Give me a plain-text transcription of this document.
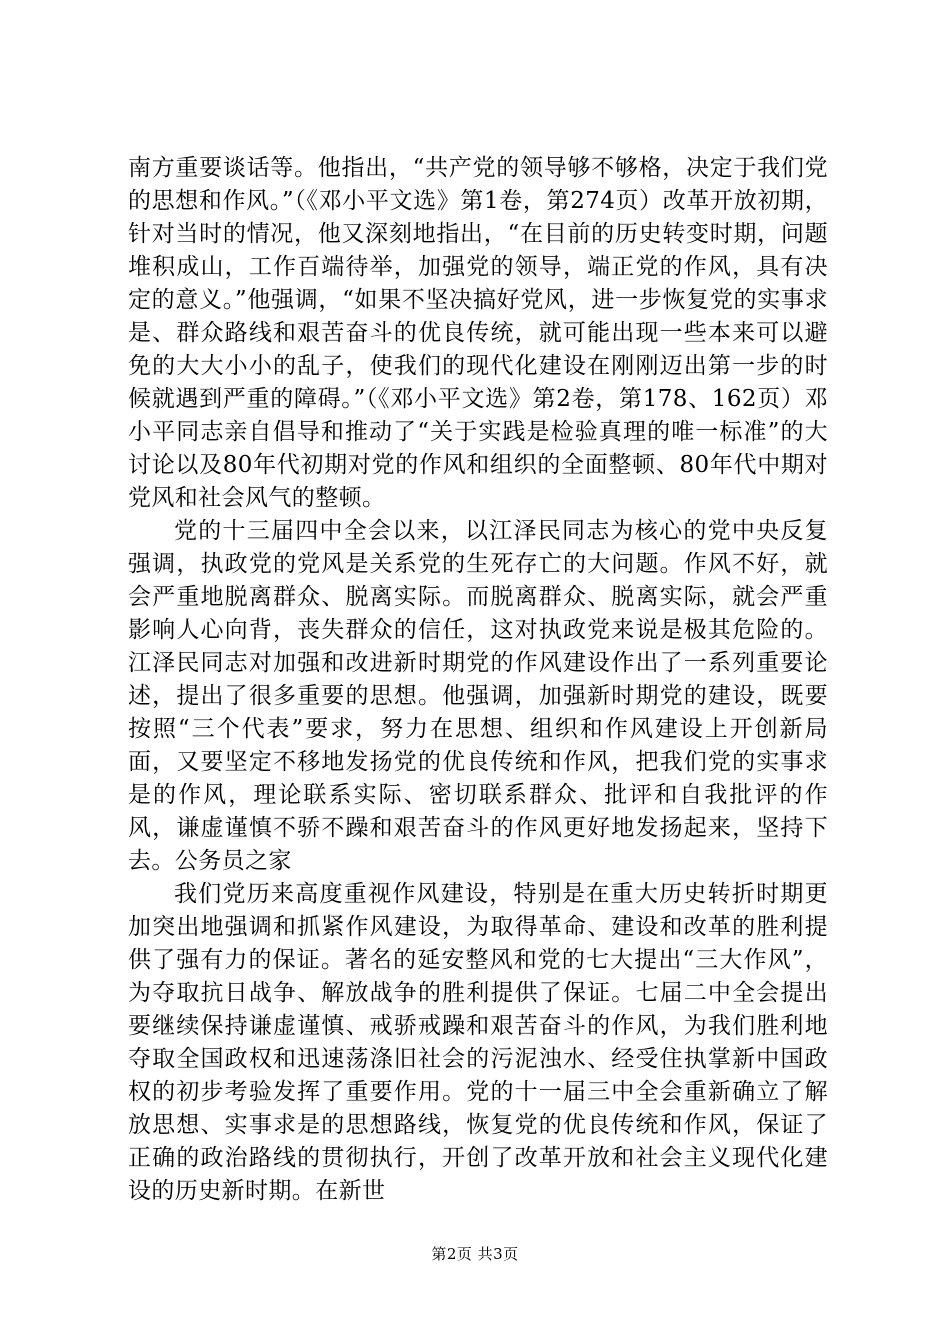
南方重要谈话等。他指出，“共产党的领导够不够格，决定于我们党的思想和作风。”（《邓小平文选》第1卷，第274页）改革开放初期，针对当时的情况，他又深刻地指出，“在目前的历史转变时期，问题堆积成山，工作百端待举，加强党的领导，端正党的作风，具有决定的意义。”他强调，“如果不坚决搞好党风，进一步恢复党的实事求是、群众路线和艰苦奋斗的优良传统，就可能出现一些本来可以避免的大大小小的乱子，使我们的现代化建设在刚刚迈出第一步的时候就遇到严重的障碍。”（《邓小平文选》第2卷，第178、162页）邓小平同志亲自倡导和推动了“关于实践是检验真理的唯一标准”的大讨论以及80年代初期对党的作风和组织的全面整顿、80年代中期对党风和社会风气的整顿。

党的十三届四中全会以来，以江泽民同志为核心的党中央反复强调，执政党的党风是关系党的生死存亡的大问题。作风不好，就会严重地脱离群众、脱离实际。而脱离群众、脱离实际，就会严重影响人心向背，丧失群众的信任，这对执政党来说是极其危险的。江泽民同志对加强和改进新时期党的作风建设作出了一系列重要论述，提出了很多重要的思想。他强调，加强新时期党的建设，既要按照“三个代表”要求，努力在思想、组织和作风建设上开创新局面，又要坚定不移地发扬党的优良传统和作风，把我们党的实事求是的作风，理论联系实际、密切联系群众、批评和自我批评的作风，谦虚谨慎不骄不躁和艰苦奋斗的作风更好地发扬起来，坚持下去。公务员之家

我们党历来高度重视作风建设，特别是在重大历史转折时期更加突出地强调和抓紧作风建设，为取得革命、建设和改革的胜利提供了强有力的保证。著名的延安整风和党的七大提出“三大作风”，为夺取抗日战争、解放战争的胜利提供了保证。七届二中全会提出要继续保持谦虚谨慎、戒骄戒躁和艰苦奋斗的作风，为我们胜利地夺取全国政权和迅速荡涤旧社会的污泥浊水、经受住执掌新中国政权的初步考验发挥了重要作用。党的十一届三中全会重新确立了解放思想、实事求是的思想路线，恢复党的优良传统和作风，保证了正确的政治路线的贯彻执行，开创了改革开放和社会主义现代化建设的历史新时期。在新世

第2页 共3页
